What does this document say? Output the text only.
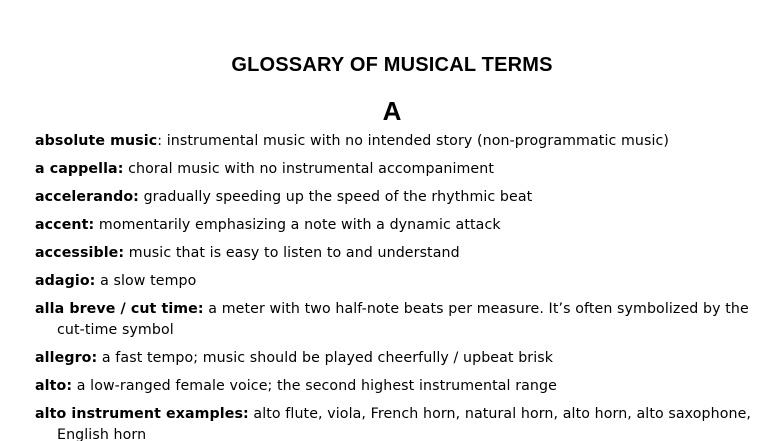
GLOSSARY OF MUSICAL TERMS
A

absolute music: instrumental music with no intended story (non-programmatic music)

a cappella: choral music with no instrumental accompaniment

accelerando: gradually speeding up the speed of the rhythmic beat

accent: momentarily emphasizing a note with a dynamic attack

accessible: music that is easy to listen to and understand

adagio: a slow tempo

alla breve / cut time: a meter with two half-note beats per measure. It’s often symbolized by the cut-time symbol

allegro: a fast tempo; music should be played cheerfully / upbeat brisk

alto: a low-ranged female voice; the second highest instrumental range

alto instrument examples: alto flute, viola, French horn, natural horn, alto horn, alto saxophone, English horn
